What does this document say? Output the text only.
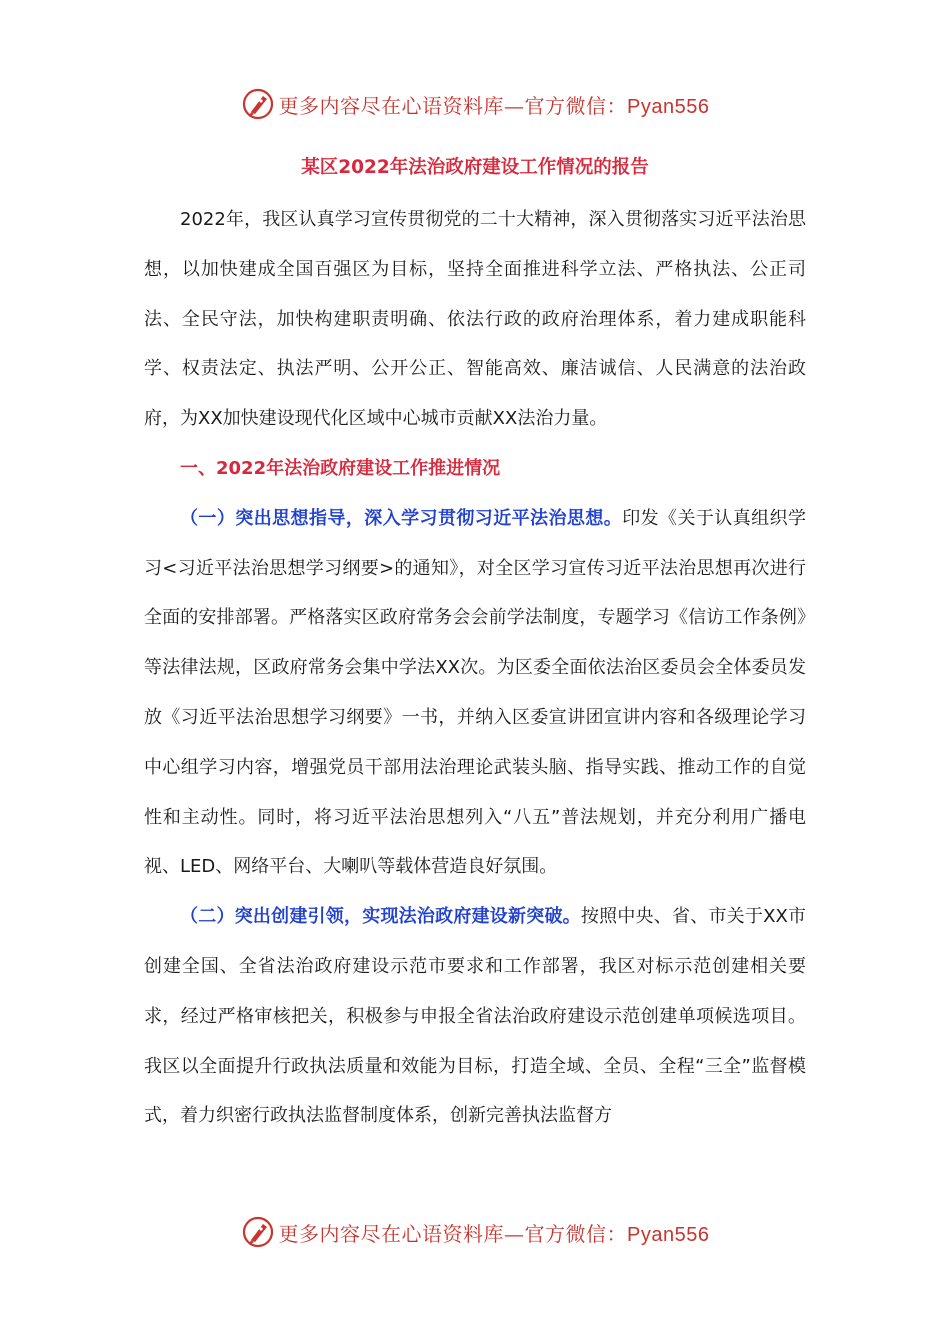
更多内容尽在心语资料库—官方微信：Pyan556
某区2022年法治政府建设工作情况的报告

2022年，我区认真学习宣传贯彻党的二十大精神，深入贯彻落实习近平法治思想，以加快建成全国百强区为目标，坚持全面推进科学立法、严格执法、公正司法、全民守法，加快构建职责明确、依法行政的政府治理体系，着力建成职能科学、权责法定、执法严明、公开公正、智能高效、廉洁诚信、人民满意的法治政府，为XX加快建设现代化区域中心城市贡献XX法治力量。

一、2022年法治政府建设工作推进情况

（一）突出思想指导，深入学习贯彻习近平法治思想。印发《关于认真组织学习<习近平法治思想学习纲要>的通知》，对全区学习宣传习近平法治思想再次进行全面的安排部署。严格落实区政府常务会会前学法制度，专题学习《信访工作条例》等法律法规，区政府常务会集中学法XX次。为区委全面依法治区委员会全体委员发放《习近平法治思想学习纲要》一书，并纳入区委宣讲团宣讲内容和各级理论学习中心组学习内容，增强党员干部用法治理论武装头脑、指导实践、推动工作的自觉性和主动性。同时，将习近平法治思想列入“八五”普法规划，并充分利用广播电视、LED、网络平台、大喇叭等载体营造良好氛围。

（二）突出创建引领，实现法治政府建设新突破。按照中央、省、市关于XX市创建全国、全省法治政府建设示范市要求和工作部署，我区对标示范创建相关要求，经过严格审核把关，积极参与申报全省法治政府建设示范创建单项候选项目。我区以全面提升行政执法质量和效能为目标，打造全域、全员、全程“三全”监督模式，着力织密行政执法监督制度体系，创新完善执法监督方

更多内容尽在心语资料库—官方微信：Pyan556
